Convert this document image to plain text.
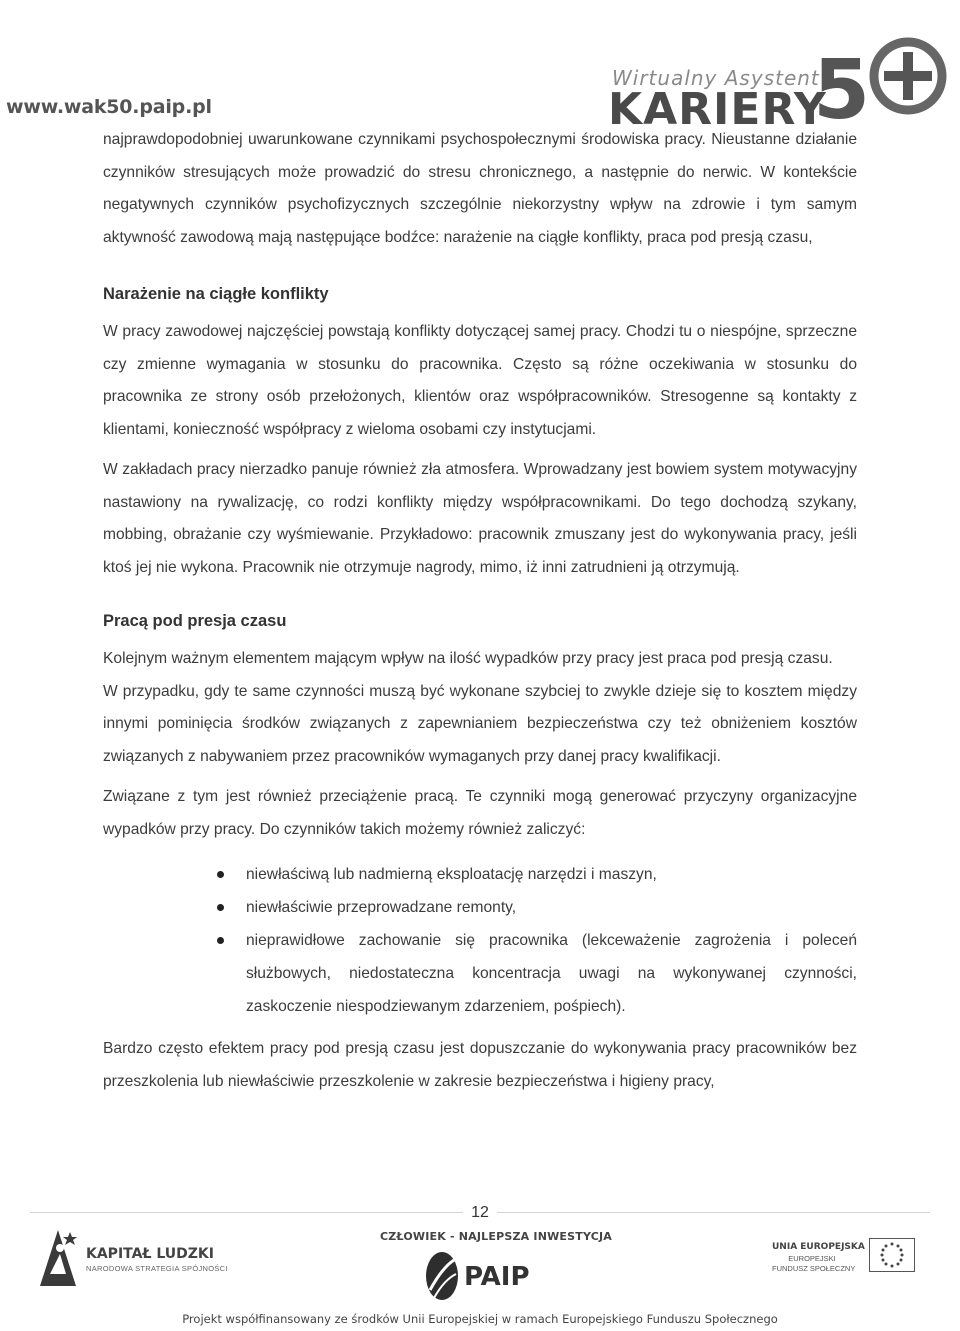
www.wak50.paip.pl
Wirtualny Asystent
KARIERY
5

najprawdopodobniej uwarunkowane czynnikami psychospołecznymi środowiska pracy. Nieustanne działanie czynników stresujących może prowadzić do stresu chronicznego, a następnie do nerwic. W kontekście negatywnych czynników psychofizycznych szczególnie niekorzystny wpływ na zdrowie i tym samym aktywność zawodową mają następujące bodźce: narażenie na ciągłe konflikty, praca pod presją czasu,

Narażenie na ciągłe konflikty

W pracy zawodowej najczęściej powstają konflikty dotyczącej samej pracy. Chodzi tu o niespójne, sprzeczne czy zmienne wymagania w stosunku do pracownika. Często są różne oczekiwania w stosunku do pracownika ze strony osób przełożonych, klientów oraz współpracowników. Stresogenne są kontakty z klientami, konieczność współpracy z wieloma osobami czy instytucjami.

W zakładach pracy nierzadko panuje również zła atmosfera. Wprowadzany jest bowiem system motywacyjny nastawiony na rywalizację, co rodzi konflikty między współpracownikami. Do tego dochodzą szykany, mobbing, obrażanie czy wyśmiewanie. Przykładowo: pracownik zmuszany jest do wykonywania pracy, jeśli ktoś jej nie wykona. Pracownik nie otrzymuje nagrody, mimo, iż inni zatrudnieni ją otrzymują.

Pracą pod presja czasu

Kolejnym ważnym elementem mającym wpływ na ilość wypadków przy pracy jest praca pod presją czasu.

W przypadku, gdy te same czynności muszą być wykonane szybciej to zwykle dzieje się to kosztem między innymi pominięcia środków związanych z zapewnianiem bezpieczeństwa czy też obniżeniem kosztów związanych z nabywaniem przez pracowników wymaganych przy danej pracy kwalifikacji.

Związane z tym jest również przeciążenie pracą. Te czynniki mogą generować przyczyny organizacyjne wypadków przy pracy. Do czynników takich możemy również zaliczyć:

niewłaściwą lub nadmierną eksploatację narzędzi i maszyn,
niewłaściwie przeprowadzane remonty,
nieprawidłowe zachowanie się pracownika (lekceważenie zagrożenia i poleceń służbowych, niedostateczna koncentracja uwagi na wykonywanej czynności, zaskoczenie niespodziewanym zdarzeniem, pośpiech).

Bardzo często efektem pracy pod presją czasu jest dopuszczanie do wykonywania pracy pracowników bez przeszkolenia lub niewłaściwie przeszkolenie w zakresie bezpieczeństwa i higieny pracy,

12
KAPITAŁ LUDZKI
NARODOWA STRATEGIA SPÓJNOŚCI
CZŁOWIEK - NAJLEPSZA INWESTYCJA
PAIP
UNIA EUROPEJSKA
EUROPEJSKI
FUNDUSZ SPOŁECZNY
Projekt współfinansowany ze środków Unii Europejskiej w ramach Europejskiego Funduszu Społecznego
